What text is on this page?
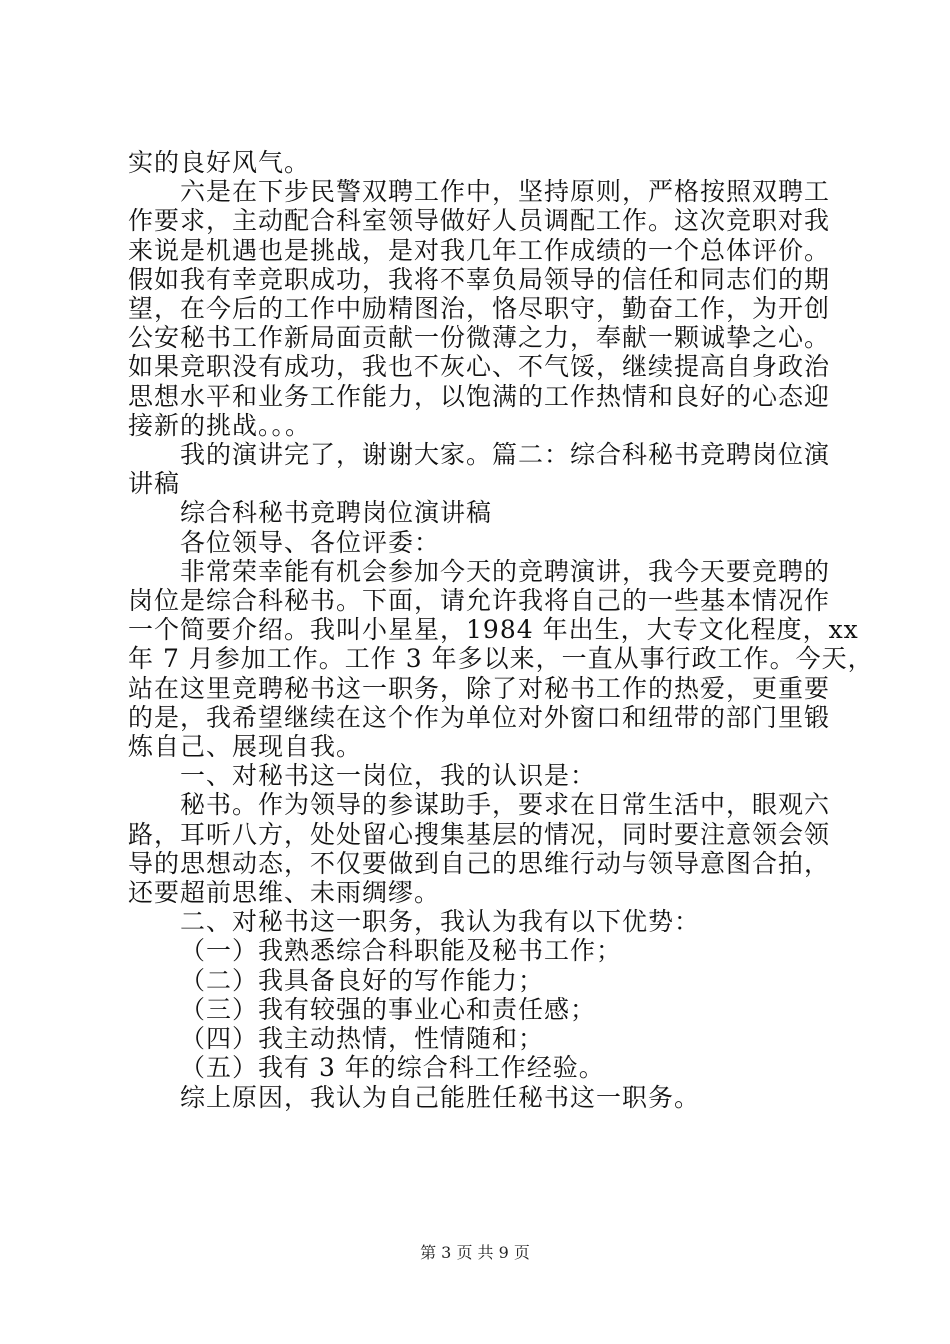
实的良好风气。
六是在下步民警双聘工作中，坚持原则，严格按照双聘工
作要求，主动配合科室领导做好人员调配工作。这次竞职对我
来说是机遇也是挑战，是对我几年工作成绩的一个总体评价。
假如我有幸竞职成功，我将不辜负局领导的信任和同志们的期
望，在今后的工作中励精图治，恪尽职守，勤奋工作，为开创
公安秘书工作新局面贡献一份微薄之力，奉献一颗诚挚之心。
如果竞职没有成功，我也不灰心、不气馁，继续提高自身政治
思想水平和业务工作能力，以饱满的工作热情和良好的心态迎
接新的挑战。。。
我的演讲完了，谢谢大家。篇二：综合科秘书竞聘岗位演
讲稿
综合科秘书竞聘岗位演讲稿
各位领导、各位评委：
非常荣幸能有机会参加今天的竞聘演讲，我今天要竞聘的
岗位是综合科秘书。下面，请允许我将自己的一些基本情况作
一个简要介绍。我叫小星星，1984 年出生，大专文化程度，xx
年 7 月参加工作。工作 3 年多以来，一直从事行政工作。今天，
站在这里竞聘秘书这一职务，除了对秘书工作的热爱，更重要
的是，我希望继续在这个作为单位对外窗口和纽带的部门里锻
炼自己、展现自我。
一、对秘书这一岗位，我的认识是：
秘书。作为领导的参谋助手，要求在日常生活中，眼观六
路，耳听八方，处处留心搜集基层的情况，同时要注意领会领
导的思想动态，不仅要做到自己的思维行动与领导意图合拍，
还要超前思维、未雨绸缪。
二、对秘书这一职务，我认为我有以下优势：
（一）我熟悉综合科职能及秘书工作；
（二）我具备良好的写作能力；
（三）我有较强的事业心和责任感；
（四）我主动热情，性情随和；
（五）我有 3 年的综合科工作经验。
综上原因，我认为自己能胜任秘书这一职务。
第 3 页 共 9 页
